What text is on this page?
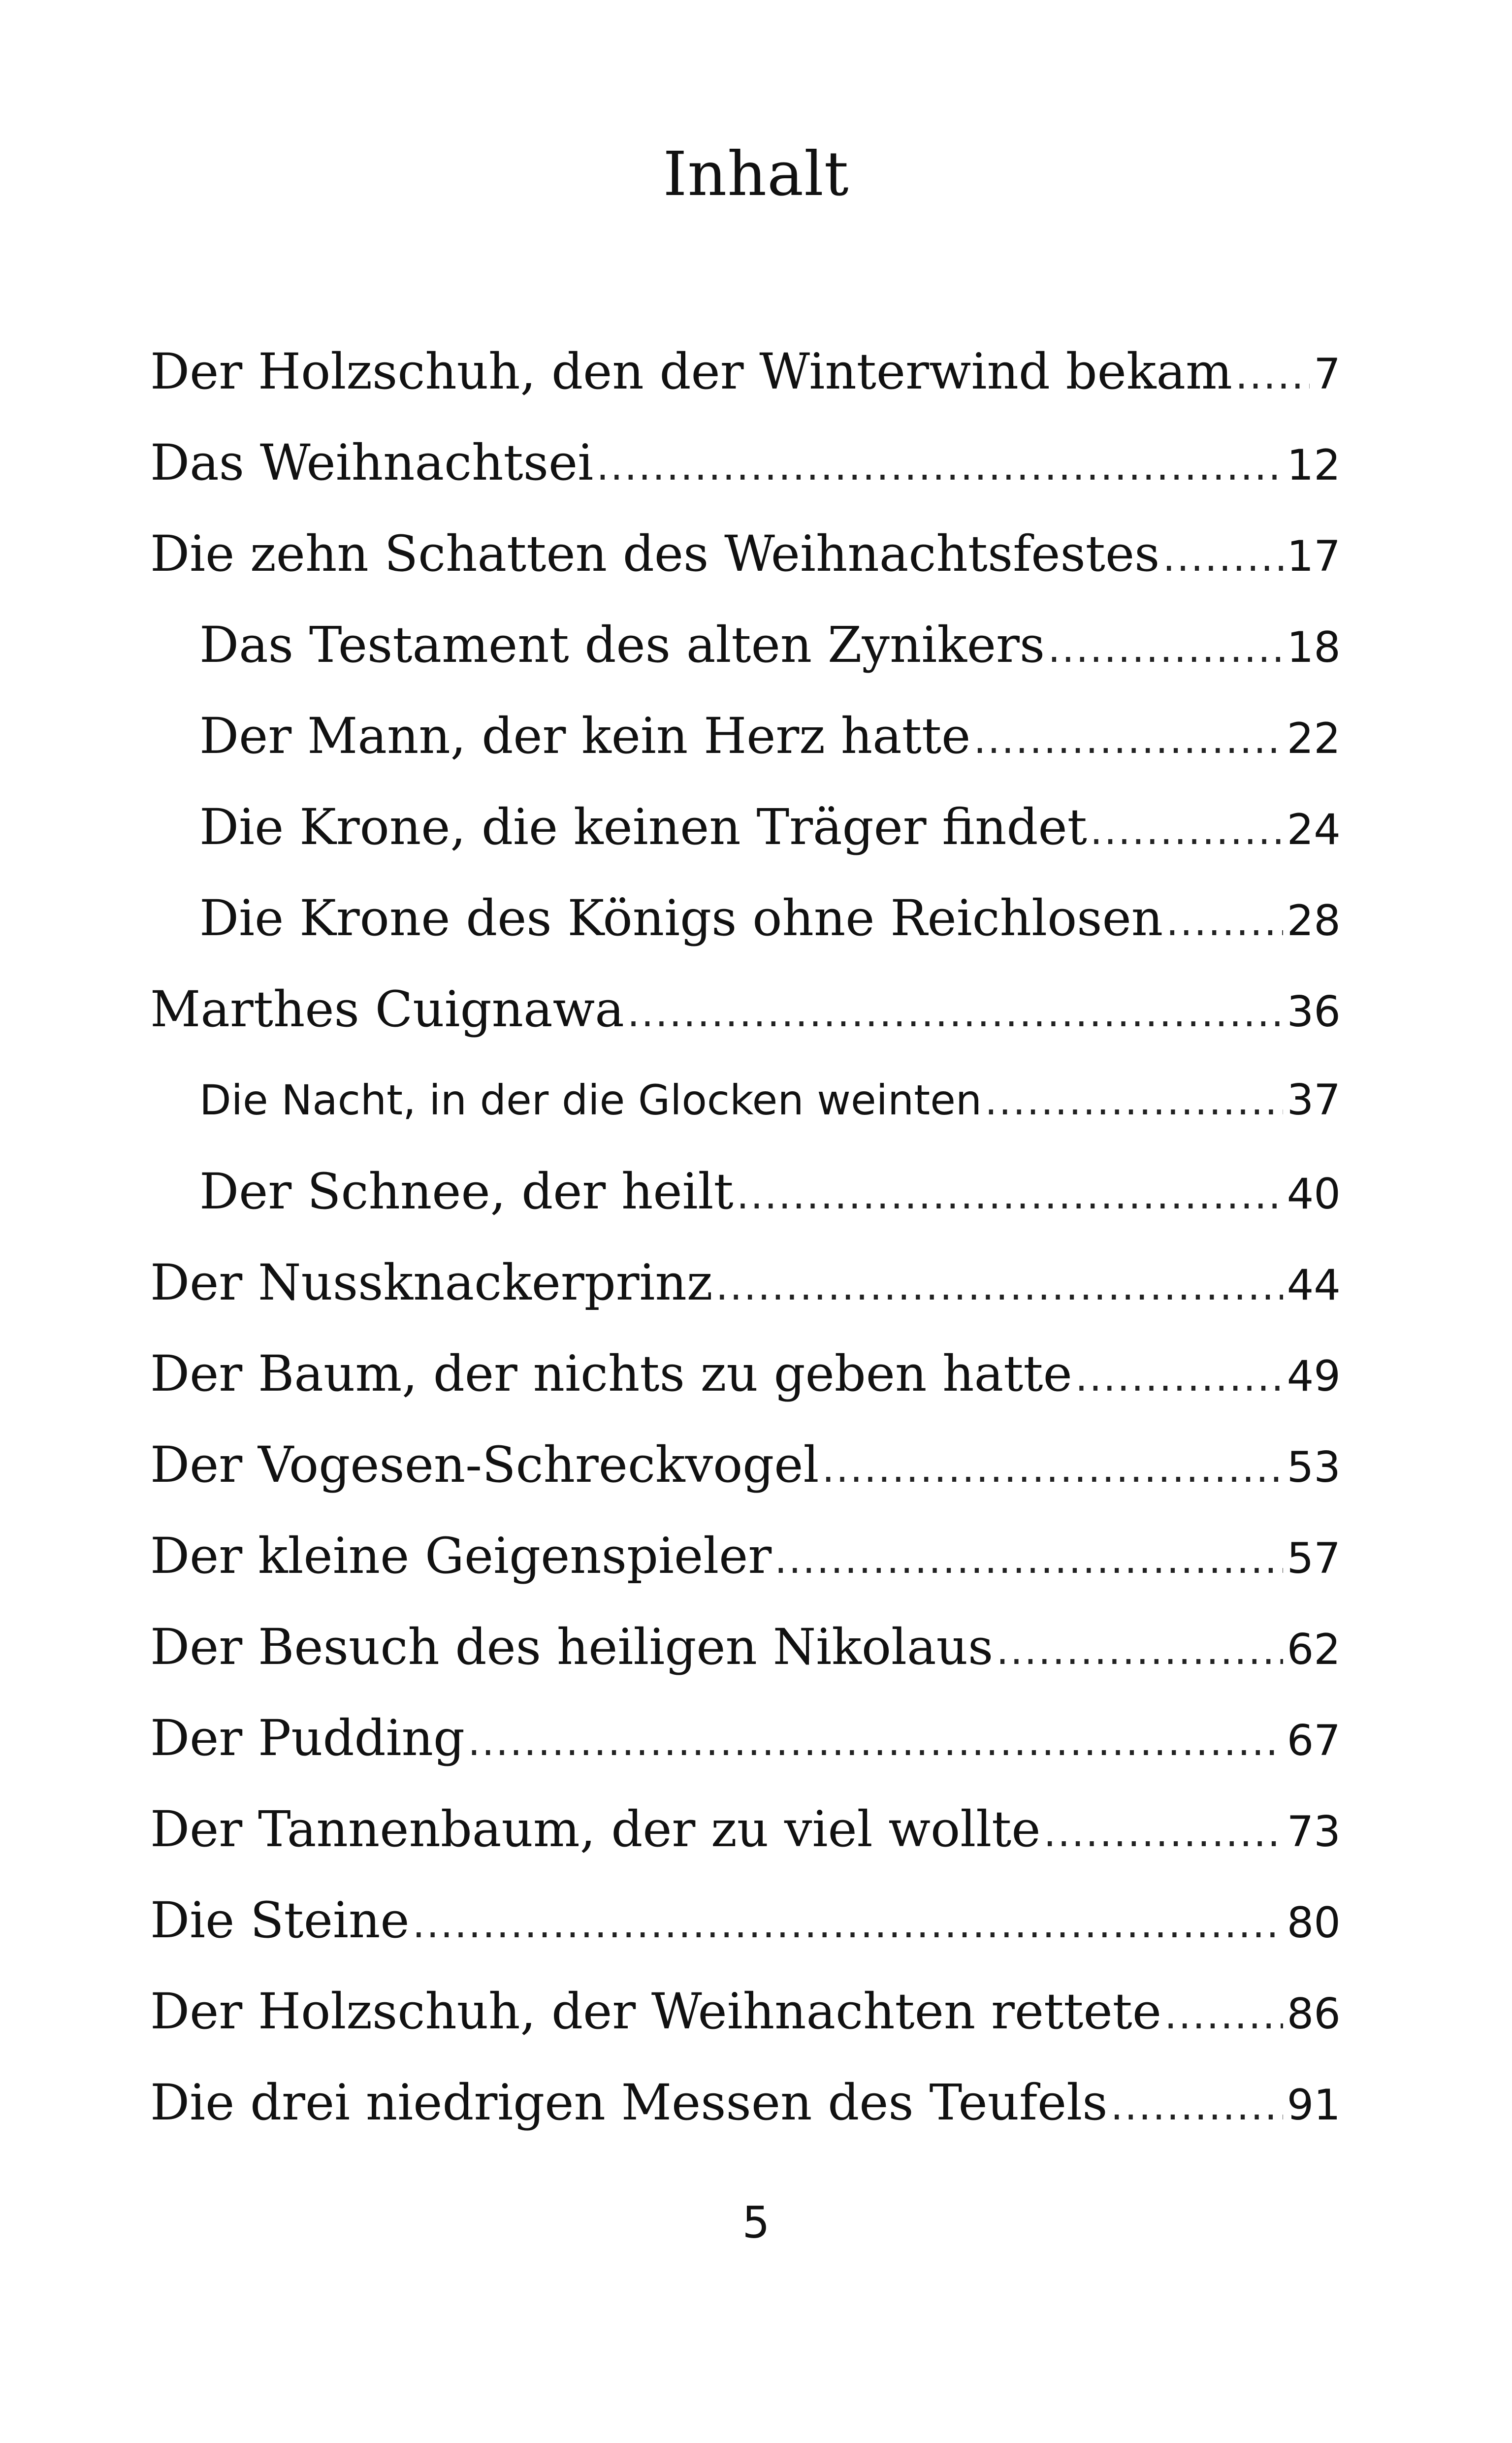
Inhalt
Der Holzschuh, den der Winterwind bekam ..... 7
Das Weihnachtsei .....	12
Die zehn Schatten des Weihnachtsfestes .....	17
Das Testament des alten Zynikers .....	18
Der Mann, der kein Herz hatte .....	22
Die Krone, die keinen Träger findet .....	24
Die Krone des Königs ohne Reichlosen .....	28
Marthes Cuignawa .....	36
Die Nacht, in der die Glocken weinten .....	37
Der Schnee, der heilt .....	40
Der Nussknackerprinz .....	44
Der Baum, der nichts zu geben hatte .....	49
Der Vogesen-Schreckvogel .....	53
Der kleine Geigenspieler .....	57
Der Besuch des heiligen Nikolaus .....	62
Der Pudding .....	67
Der Tannenbaum, der zu viel wollte .....	73
Die Steine .....	80
Der Holzschuh, der Weihnachten rettete .....	86
Die drei niedrigen Messen des Teufels .....	91
5
